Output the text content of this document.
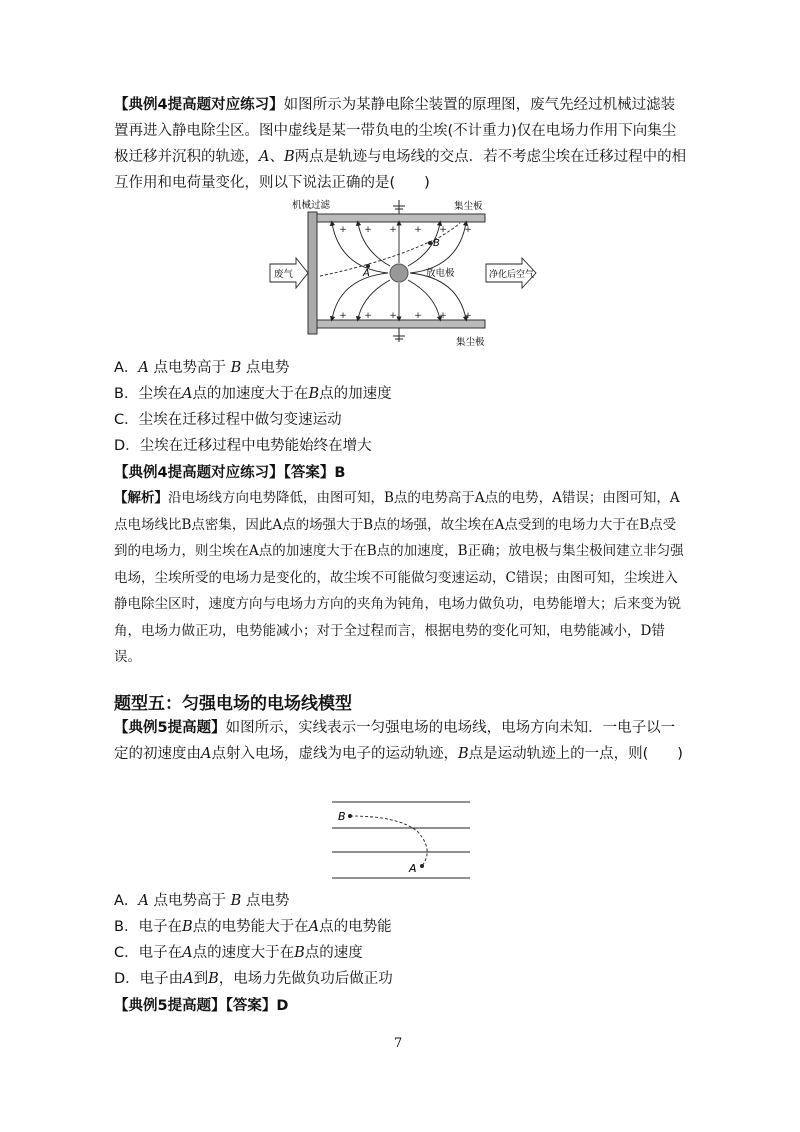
【典例4提高题对应练习】如图所示为某静电除尘装置的原理图，废气先经过机械过滤装置再进入静电除尘区。图中虚线是某一带负电的尘埃(不计重力)仅在电场力作用下向集尘极迁移并沉积的轨迹，A、B两点是轨迹与电场线的交点．若不考虑尘埃在迁移过程中的相互作用和电荷量变化，则以下说法正确的是(　　)
+ + + + + +
+ + + + + +
A
B
机械过滤	集尘板
集尘极
放电极
废气	净化后空气
A．A 点电势高于 B 点电势
B．尘埃在A点的加速度大于在B点的加速度
C．尘埃在迁移过程中做匀变速运动
D．尘埃在迁移过程中电势能始终在增大
【典例4提高题对应练习】【答案】B
【解析】沿电场线方向电势降低，由图可知，B点的电势高于A点的电势，A错误；由图可知，A点电场线比B点密集，因此A点的场强大于B点的场强，故尘埃在A点受到的电场力大于在B点受到的电场力，则尘埃在A点的加速度大于在B点的加速度，B正确；放电极与集尘极间建立非匀强电场，尘埃所受的电场力是变化的，故尘埃不可能做匀变速运动，C错误；由图可知，尘埃进入静电除尘区时，速度方向与电场力方向的夹角为钝角，电场力做负功，电势能增大；后来变为锐角，电场力做正功，电势能减小；对于全过程而言，根据电势的变化可知，电势能减小，D错误。
题型五：匀强电场的电场线模型
【典例5提高题】如图所示，实线表示一匀强电场的电场线，电场方向未知．一电子以一定的初速度由A点射入电场，虚线为电子的运动轨迹，B点是运动轨迹上的一点，则(　　)
B
A
A．A 点电势高于 B 点电势
B．电子在B点的电势能大于在A点的电势能
C．电子在A点的速度大于在B点的速度
D．电子由A到B，电场力先做负功后做正功
【典例5提高题】【答案】D
7
